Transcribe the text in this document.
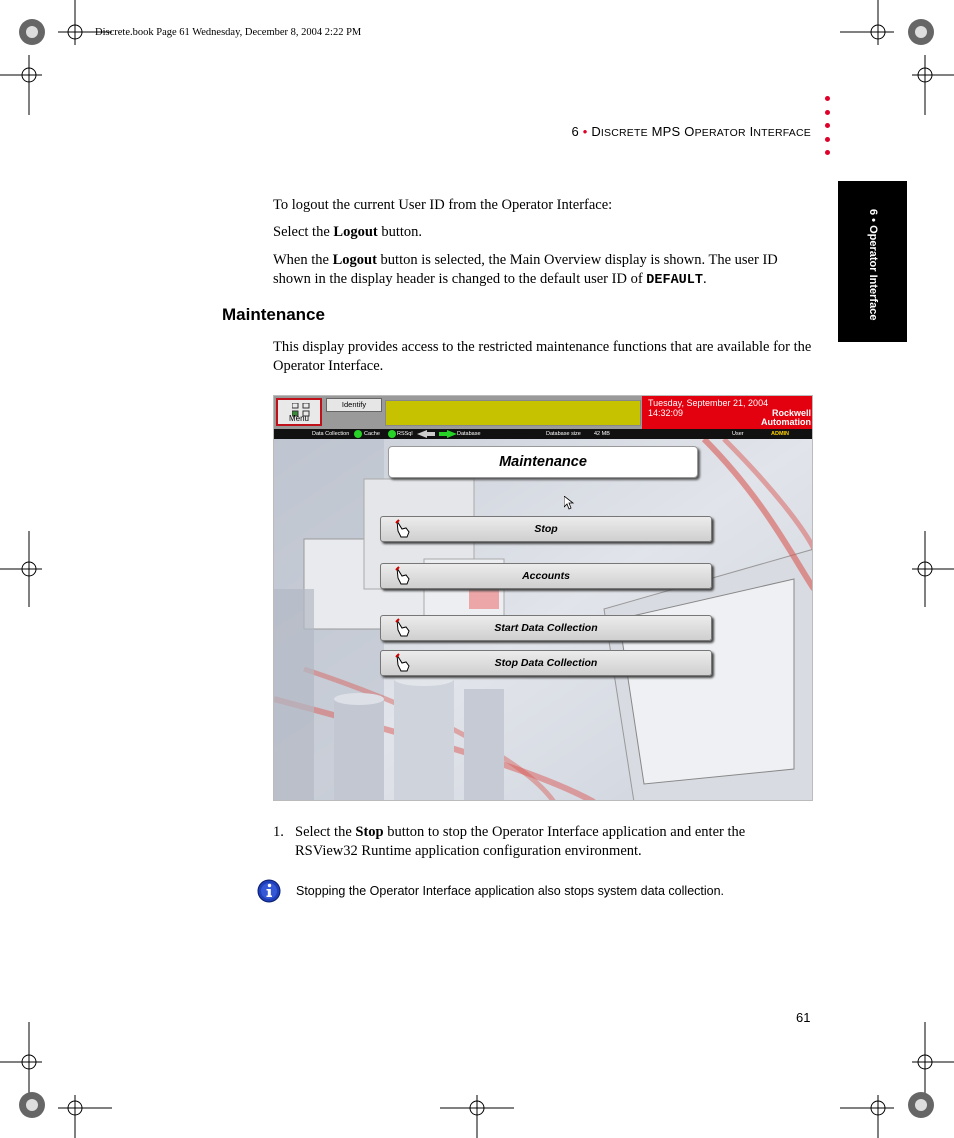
Discrete.book Page 61 Wednesday, December 8, 2004 2:22 PM
6 • DISCRETE MPS OPERATOR INTERFACE
6 • Operator Interface
To logout the current User ID from the Operator Interface:
Select the Logout button.
When the Logout button is selected, the Main Overview display is shown. The user ID shown in the display header is changed to the default user ID of DEFAULT.
Maintenance
This display provides access to the restricted maintenance functions that are available for the Operator Interface.
Menu
Identify	Tuesday, September 21, 2004
14:32:09	Rockwell
Automation
Data Collection	Cache	RSSql	Database	Database size 42 MB	User	ADMIN
Maintenance
Stop
Accounts
Start Data Collection
Stop Data Collection
1. Select the Stop button to stop the Operator Interface application and enter the RSView32 Runtime application configuration environment.
Stopping the Operator Interface application also stops system data collection.
61
